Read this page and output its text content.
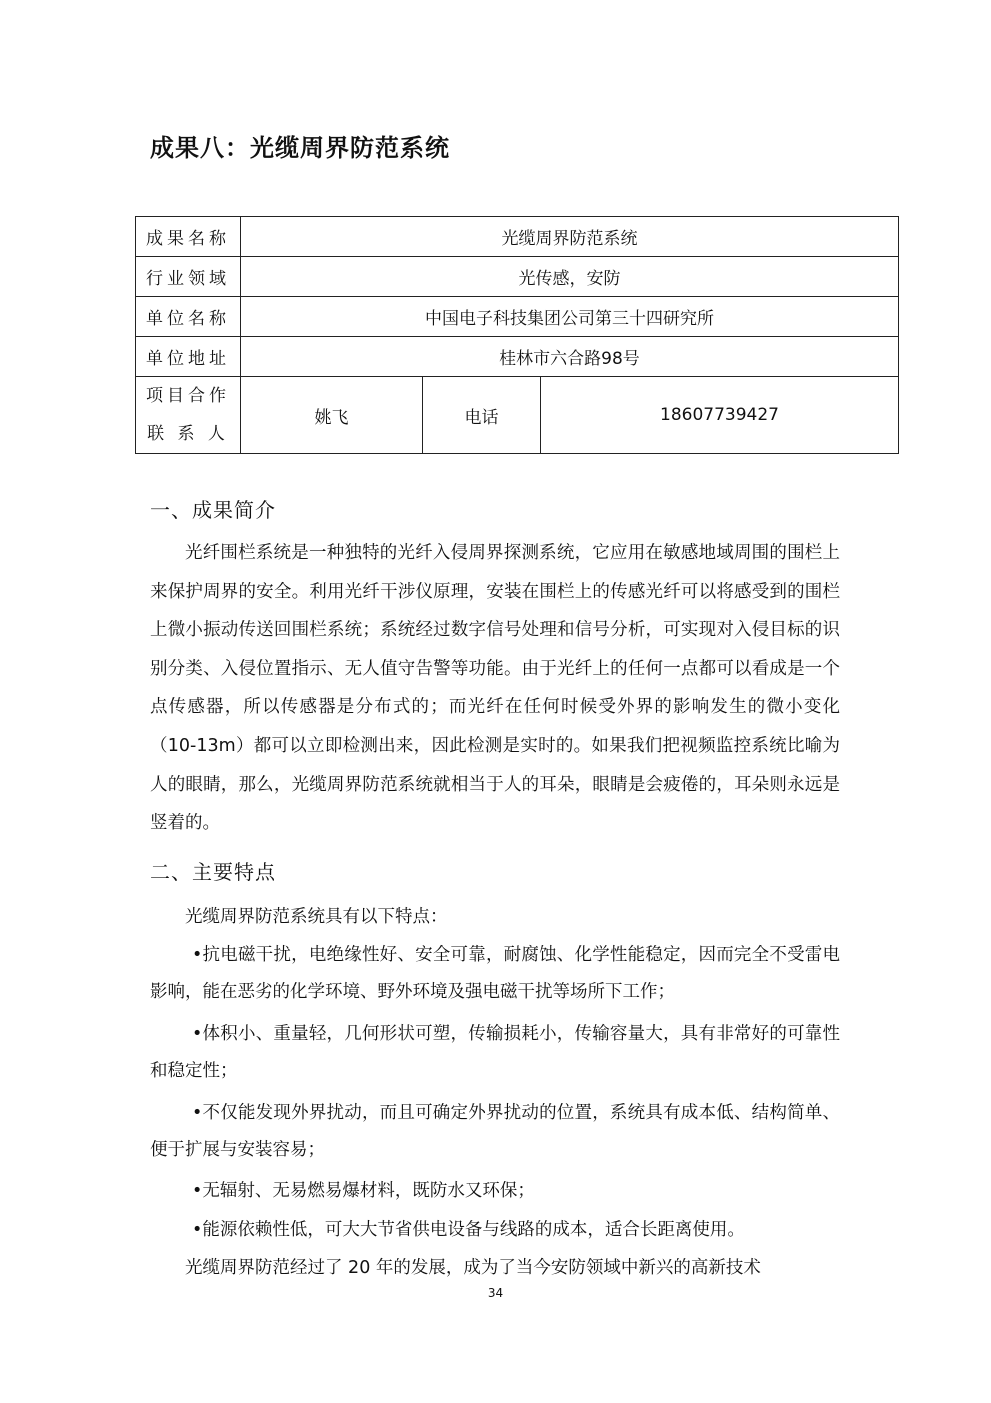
成果八：光缆周界防范系统
成果名称	光缆周界防范系统		
行业领域	光传感，安防		
单位名称	中国电子科技集团公司第三十四研究所		
单位地址	桂林市六合路98号		

项目合作
联 系 人	姚飞	电话	18607739427
一、成果简介

光纤围栏系统是一种独特的光纤入侵周界探测系统，它应用在敏感地域周围的围栏上来保护周界的安全。利用光纤干涉仪原理，安装在围栏上的传感光纤可以将感受到的围栏上微小振动传送回围栏系统；系统经过数字信号处理和信号分析，可实现对入侵目标的识别分类、入侵位置指示、无人值守告警等功能。由于光纤上的任何一点都可以看成是一个点传感器，所以传感器是分布式的；而光纤在任何时候受外界的影响发生的微小变化（10-13m）都可以立即检测出来，因此检测是实时的。如果我们把视频监控系统比喻为人的眼睛，那么，光缆周界防范系统就相当于人的耳朵，眼睛是会疲倦的，耳朵则永远是竖着的。

二、主要特点

光缆周界防范系统具有以下特点：

•抗电磁干扰，电绝缘性好、安全可靠，耐腐蚀、化学性能稳定，因而完全不受雷电影响，能在恶劣的化学环境、野外环境及强电磁干扰等场所下工作；

•体积小、重量轻，几何形状可塑，传输损耗小，传输容量大，具有非常好的可靠性和稳定性；

•不仅能发现外界扰动，而且可确定外界扰动的位置，系统具有成本低、结构简单、便于扩展与安装容易；

•无辐射、无易燃易爆材料，既防水又环保；

•能源依赖性低，可大大节省供电设备与线路的成本，适合长距离使用。

光缆周界防范经过了 20 年的发展，成为了当今安防领域中新兴的高新技术

34
